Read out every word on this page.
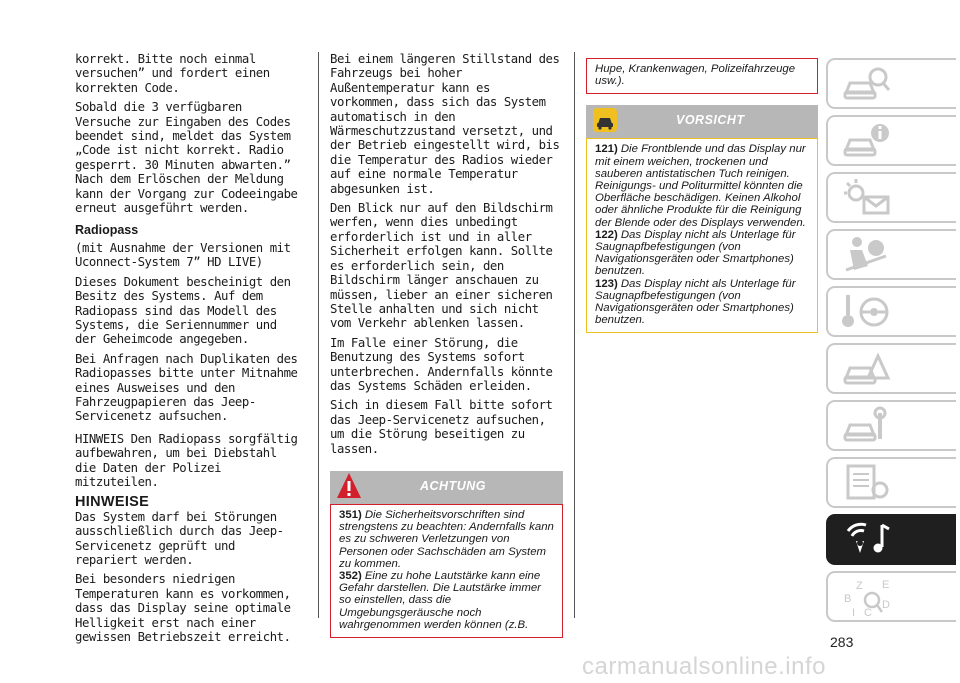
korrekt. Bitte noch einmal versuchen” und fordert einen korrekten Code.

Sobald die 3 verfügbaren Versuche zur Eingaben des Codes beendet sind, meldet das System „Code ist nicht korrekt. Radio gesperrt. 30 Minuten abwarten.” Nach dem Erlöschen der Meldung kann der Vorgang zur Codeeingabe erneut ausgeführt werden.

Radiopass

(mit Ausnahme der Versionen mit Uconnect-System 7” HD LIVE)

Dieses Dokument bescheinigt den Besitz des Systems. Auf dem Radiopass sind das Modell des Systems, die Seriennummer und der Geheimcode angegeben.

Bei Anfragen nach Duplikaten des Radiopasses bitte unter Mitnahme eines Ausweises und den Fahrzeugpapieren das Jeep-Servicenetz aufsuchen.

HINWEIS Den Radiopass sorgfältig aufbewahren, um bei Diebstahl die Daten der Polizei mitzuteilen.

HINWEISE

Das System darf bei Störungen ausschließlich durch das Jeep-Servicenetz geprüft und repariert werden.

Bei besonders niedrigen Temperaturen kann es vorkommen, dass das Display seine optimale Helligkeit erst nach einer gewissen Betriebszeit erreicht.

Bei einem längeren Stillstand des Fahrzeugs bei hoher Außentemperatur kann es vorkommen, dass sich das System automatisch in den Wärmeschutzzustand versetzt, und der Betrieb eingestellt wird, bis die Temperatur des Radios wieder auf eine normale Temperatur abgesunken ist.

Den Blick nur auf den Bildschirm werfen, wenn dies unbedingt erforderlich ist und in aller Sicherheit erfolgen kann. Sollte es erforderlich sein, den Bildschirm länger anschauen zu müssen, lieber an einer sicheren Stelle anhalten und sich nicht vom Verkehr ablenken lassen.

Im Falle einer Störung, die Benutzung des Systems sofort unterbrechen. Andernfalls könnte das Systems Schäden erleiden.

Sich in diesem Fall bitte sofort das Jeep-Servicenetz aufsuchen, um die Störung beseitigen zu lassen.

ACHTUNG
351) Die Sicherheitsvorschriften sind strengstens zu beachten: Andernfalls kann es zu schweren Verletzungen von Personen oder Sachschäden am System zu kommen.
352) Eine zu hohe Lautstärke kann eine Gefahr darstellen. Die Lautstärke immer so einstellen, dass die Umgebungsgeräusche noch wahrgenommen werden können (z.B.
Hupe, Krankenwagen, Polizeifahrzeuge usw.).
VORSICHT
121) Die Frontblende und das Display nur mit einem weichen, trockenen und sauberen antistatischen Tuch reinigen. Reinigungs- und Politurmittel könnten die Oberfläche beschädigen. Keinen Alkohol oder ähnliche Produkte für die Reinigung der Blende oder des Displays verwenden.
122) Das Display nicht als Unterlage für Saugnapfbefestigungen (von Navigationsgeräten oder Smartphones) benutzen.
123) Das Display nicht als Unterlage für Saugnapfbefestigungen (von Navigationsgeräten oder Smartphones) benutzen.
Z E
B
I C
D
283
carmanualsonline.info
